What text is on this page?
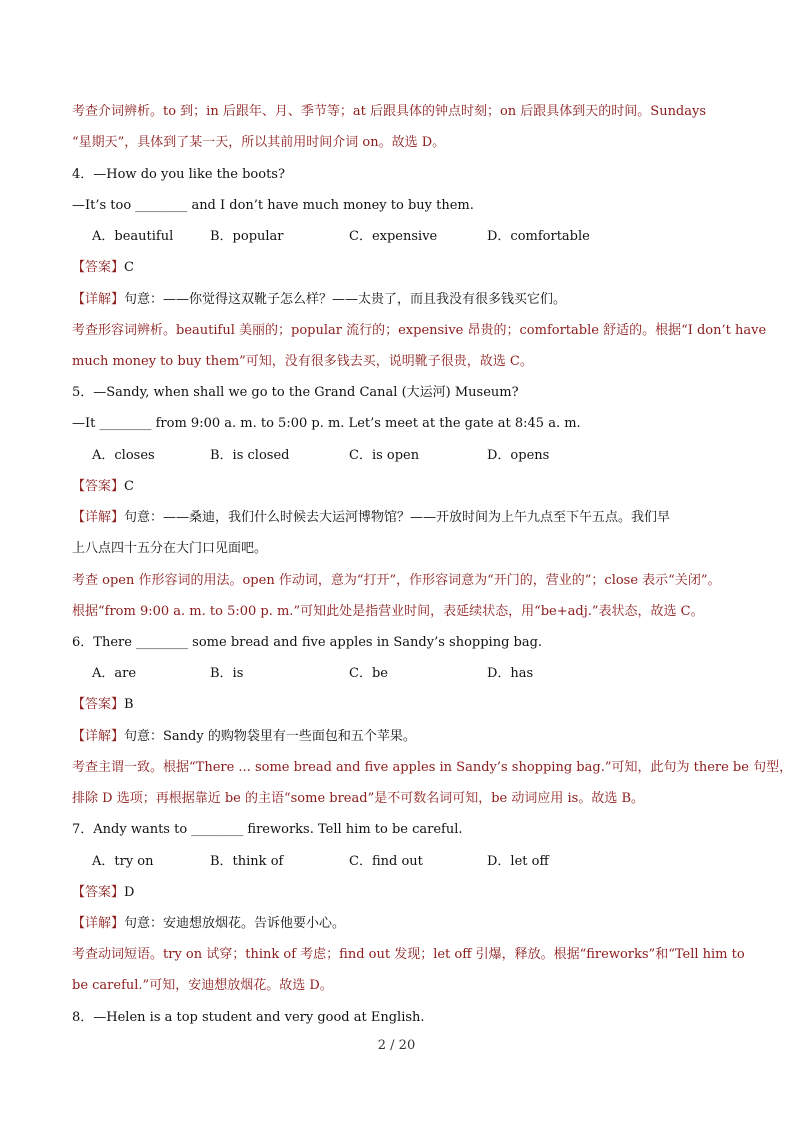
考查介词辨析。to 到；in 后跟年、月、季节等；at 后跟具体的钟点时刻；on 后跟具体到天的时间。Sundays
“星期天”，具体到了某一天，所以其前用时间介词 on。故选 D。
4．—How do you like the boots?
—It’s too ________ and I don’t have much money to buy them.
A．beautiful	B．popular	C．expensive	D．comfortable
【答案】C
【详解】句意：——你觉得这双靴子怎么样？——太贵了，而且我没有很多钱买它们。
考查形容词辨析。beautiful 美丽的；popular 流行的；expensive 昂贵的；comfortable 舒适的。根据“I don’t have
much money to buy them”可知，没有很多钱去买，说明靴子很贵，故选 C。
5．—Sandy, when shall we go to the Grand Canal (大运河) Museum?
—It ________ from 9:00 a. m. to 5:00 p. m. Let’s meet at the gate at 8:45 a. m.
A．closes	B．is closed	C．is open	D．opens
【答案】C
【详解】句意：——桑迪，我们什么时候去大运河博物馆？——开放时间为上午九点至下午五点。我们早
上八点四十五分在大门口见面吧。
考查 open 作形容词的用法。open 作动词，意为“打开”，作形容词意为“开门的，营业的”；close 表示“关闭”。
根据“from 9:00 a. m. to 5:00 p. m.”可知此处是指营业时间，表延续状态，用“be+adj.”表状态，故选 C。
6．There ________ some bread and five apples in Sandy’s shopping bag.
A．are	B．is	C．be	D．has
【答案】B
【详解】句意：Sandy 的购物袋里有一些面包和五个苹果。
考查主谓一致。根据“There ... some bread and five apples in Sandy’s shopping bag.”可知，此句为 there be 句型，
排除 D 选项；再根据靠近 be 的主语“some bread”是不可数名词可知，be 动词应用 is。故选 B。
7．Andy wants to ________ fireworks. Tell him to be careful.
A．try on	B．think of	C．find out	D．let off
【答案】D
【详解】句意：安迪想放烟花。告诉他要小心。
考查动词短语。try on 试穿；think of 考虑；find out 发现；let off 引爆，释放。根据“fireworks”和“Tell him to
be careful.”可知，安迪想放烟花。故选 D。
8．—Helen is a top student and very good at English.
2 / 20
